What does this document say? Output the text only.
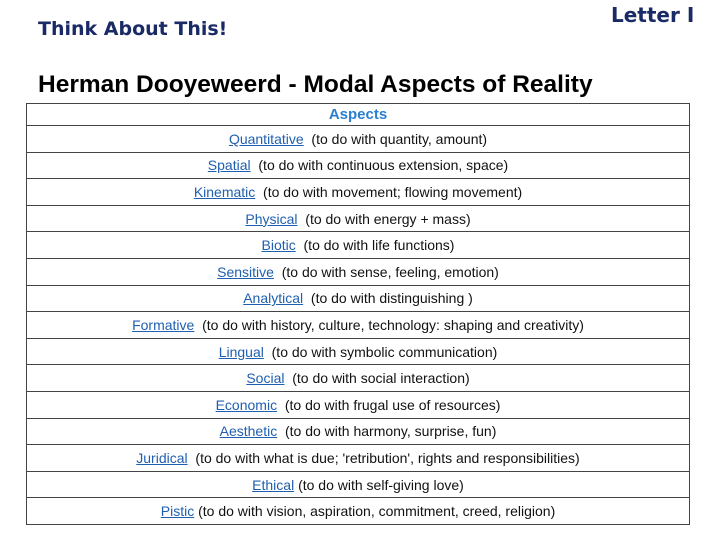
Think About This!
Letter I
Herman Dooyeweerd - Modal Aspects of Reality
Aspects
Quantitative  (to do with quantity, amount)
Spatial  (to do with continuous extension, space)
Kinematic  (to do with movement; flowing movement)
Physical  (to do with energy + mass)
Biotic  (to do with life functions)
Sensitive  (to do with sense, feeling, emotion)
Analytical  (to do with distinguishing )
Formative  (to do with history, culture, technology: shaping and creativity)
Lingual  (to do with symbolic communication)
Social  (to do with social interaction)
Economic  (to do with frugal use of resources)
Aesthetic  (to do with harmony, surprise, fun)
Juridical  (to do with what is due; 'retribution', rights and responsibilities)
Ethical (to do with self-giving love)
Pistic (to do with vision, aspiration, commitment, creed, religion)
